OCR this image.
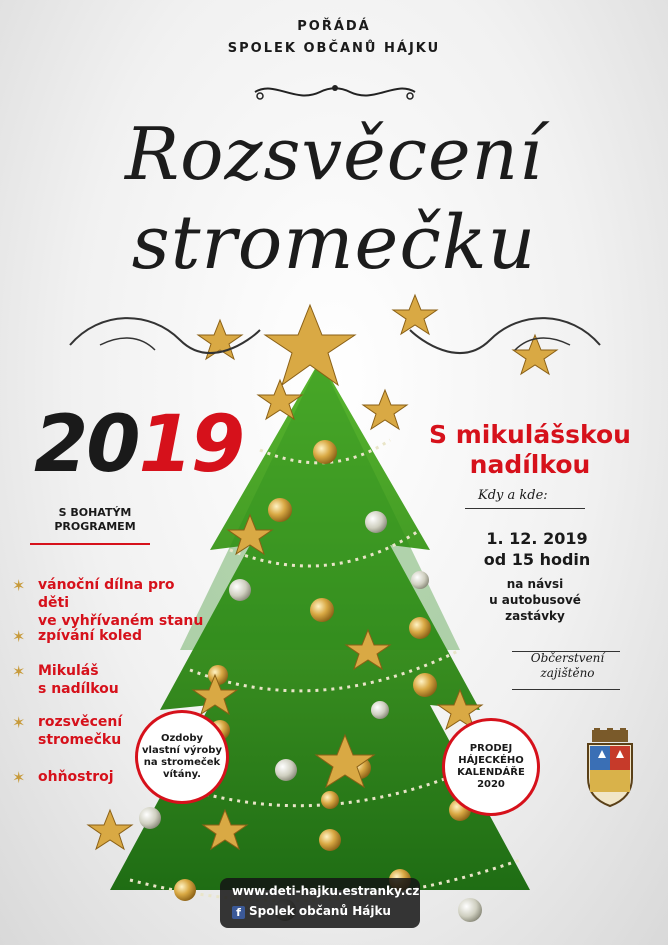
POŘÁDÁ
SPOLEK OBČANŮ HÁJKU
Rozsvěcení
stromečku
2019
S BOHATÝM
PROGRAMEM
✶ vánoční dílna pro děti
ve vyhřívaném stanu
✶ zpívání koled
✶ Mikuláš
s nadílkou
✶ rozsvěcení
stromečku
✶ ohňostroj
S mikulášskou
nadílkou
Kdy a kde:
1. 12. 2019
od 15 hodin
na návsi
u autobusové
zastávky
Občerstvení
zajištěno
Ozdoby
vlastní výroby
na stromeček
vítány.
PRODEJ
HÁJECKÉHO
KALENDÁŘE
2020
www.deti-hajku.estranky.cz
f Spolek občanů Hájku
